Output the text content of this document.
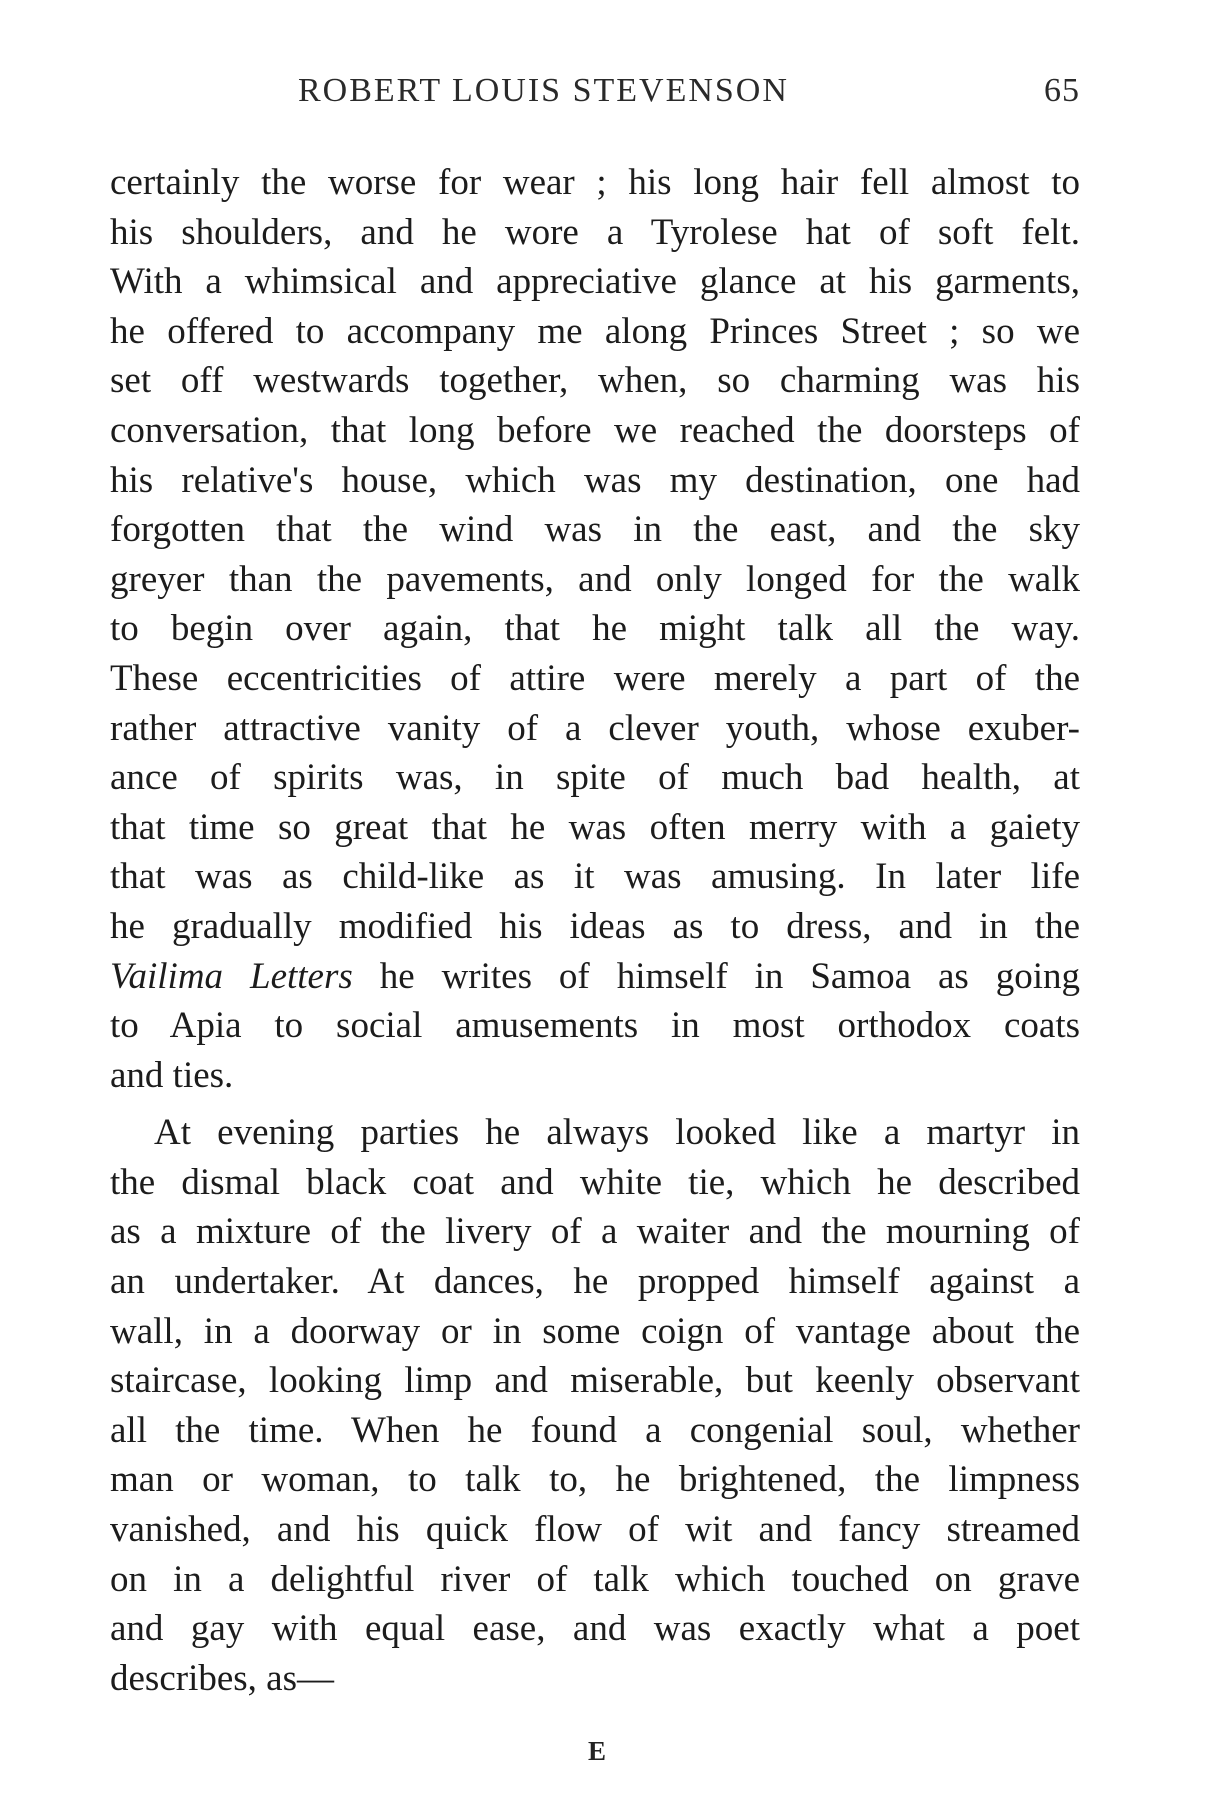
ROBERT LOUIS STEVENSON	65
certainly the worse for wear ; his long hair fell almost to
his shoulders, and he wore a Tyrolese hat of soft felt.
With a whimsical and appreciative glance at his garments,
he offered to accompany me along Princes Street ; so we
set off westwards together, when, so charming was his
conversation, that long before we reached the doorsteps of
his relative's house, which was my destination, one had
forgotten that the wind was in the east, and the sky
greyer than the pavements, and only longed for the walk
to begin over again, that he might talk all the way.
These eccentricities of attire were merely a part of the
rather attractive vanity of a clever youth, whose exuber-
ance of spirits was, in spite of much bad health, at
that time so great that he was often merry with a gaiety
that was as child-like as it was amusing. In later life
he gradually modified his ideas as to dress, and in the
Vailima Letters he writes of himself in Samoa as going
to Apia to social amusements in most orthodox coats
and ties.
At evening parties he always looked like a martyr in
the dismal black coat and white tie, which he described
as a mixture of the livery of a waiter and the mourning of
an undertaker. At dances, he propped himself against a
wall, in a doorway or in some coign of vantage about the
staircase, looking limp and miserable, but keenly observant
all the time. When he found a congenial soul, whether
man or woman, to talk to, he brightened, the limpness
vanished, and his quick flow of wit and fancy streamed
on in a delightful river of talk which touched on grave
and gay with equal ease, and was exactly what a poet
describes, as—
E
